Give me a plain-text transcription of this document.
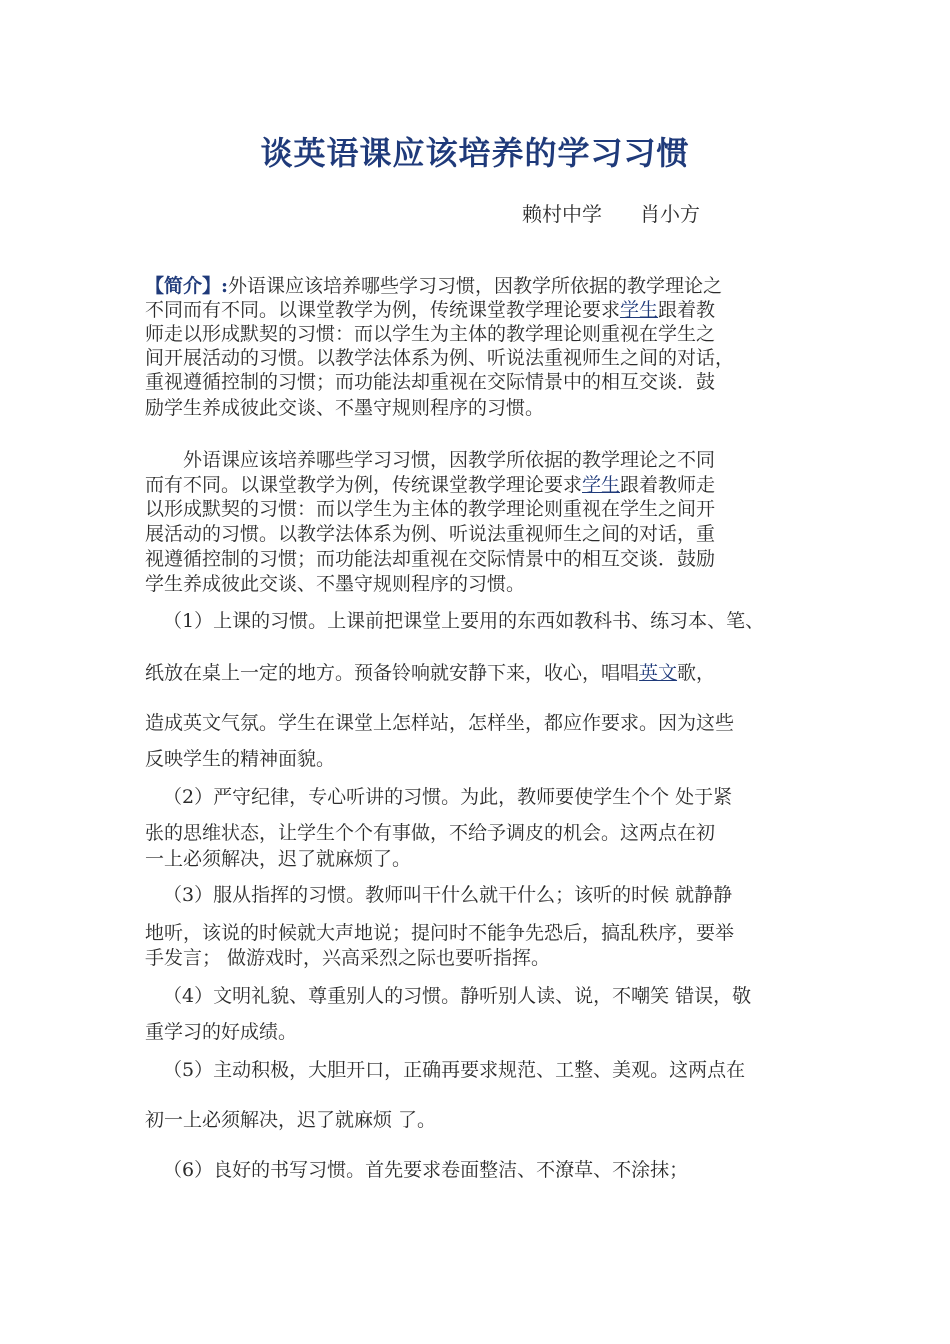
谈英语课应该培养的学习习惯
赖村中学 肖小方
【简介】:外语课应该培养哪些学习习惯，因教学所依据的教学理论之
不同而有不同。以课堂教学为例，传统课堂教学理论要求学生跟着教
师走以形成默契的习惯：而以学生为主体的教学理论则重视在学生之
间开展活动的习惯。以教学法体系为例、听说法重视师生之间的对话，
重视遵循控制的习惯；而功能法却重视在交际情景中的相互交谈．鼓
励学生养成彼此交谈、不墨守规则程序的习惯。
　　外语课应该培养哪些学习习惯，因教学所依据的教学理论之不同
而有不同。以课堂教学为例，传统课堂教学理论要求学生跟着教师走
以形成默契的习惯：而以学生为主体的教学理论则重视在学生之间开
展活动的习惯。以教学法体系为例、听说法重视师生之间的对话，重
视遵循控制的习惯；而功能法却重视在交际情景中的相互交谈．鼓励
学生养成彼此交谈、不墨守规则程序的习惯。
（1）上课的习惯。上课前把课堂上要用的东西如教科书、练习本、笔、
纸放在桌上一定的地方。预备铃响就安静下来，收心，唱唱英文歌，
造成英文气氛。学生在课堂上怎样站，怎样坐，都应作要求。因为这些
反映学生的精神面貌。
（2）严守纪律，专心听讲的习惯。为此，教师要使学生个个 处于紧
张的思维状态，让学生个个有事做，不给予调皮的机会。这两点在初
一上必须解决，迟了就麻烦了。
（3）服从指挥的习惯。教师叫干什么就干什么；该听的时候 就静静
地听，该说的时候就大声地说；提问时不能争先恐后，搞乱秩序，要举
手发言； 做游戏时，兴高采烈之际也要听指挥。
（4）文明礼貌、尊重别人的习惯。静听别人读、说，不嘲笑 错误，敬
重学习的好成绩。
（5）主动积极，大胆开口，正确再要求规范、工整、美观。这两点在
初一上必须解决，迟了就麻烦 了。
（6）良好的书写习惯。首先要求卷面整洁、不潦草、不涂抹；
